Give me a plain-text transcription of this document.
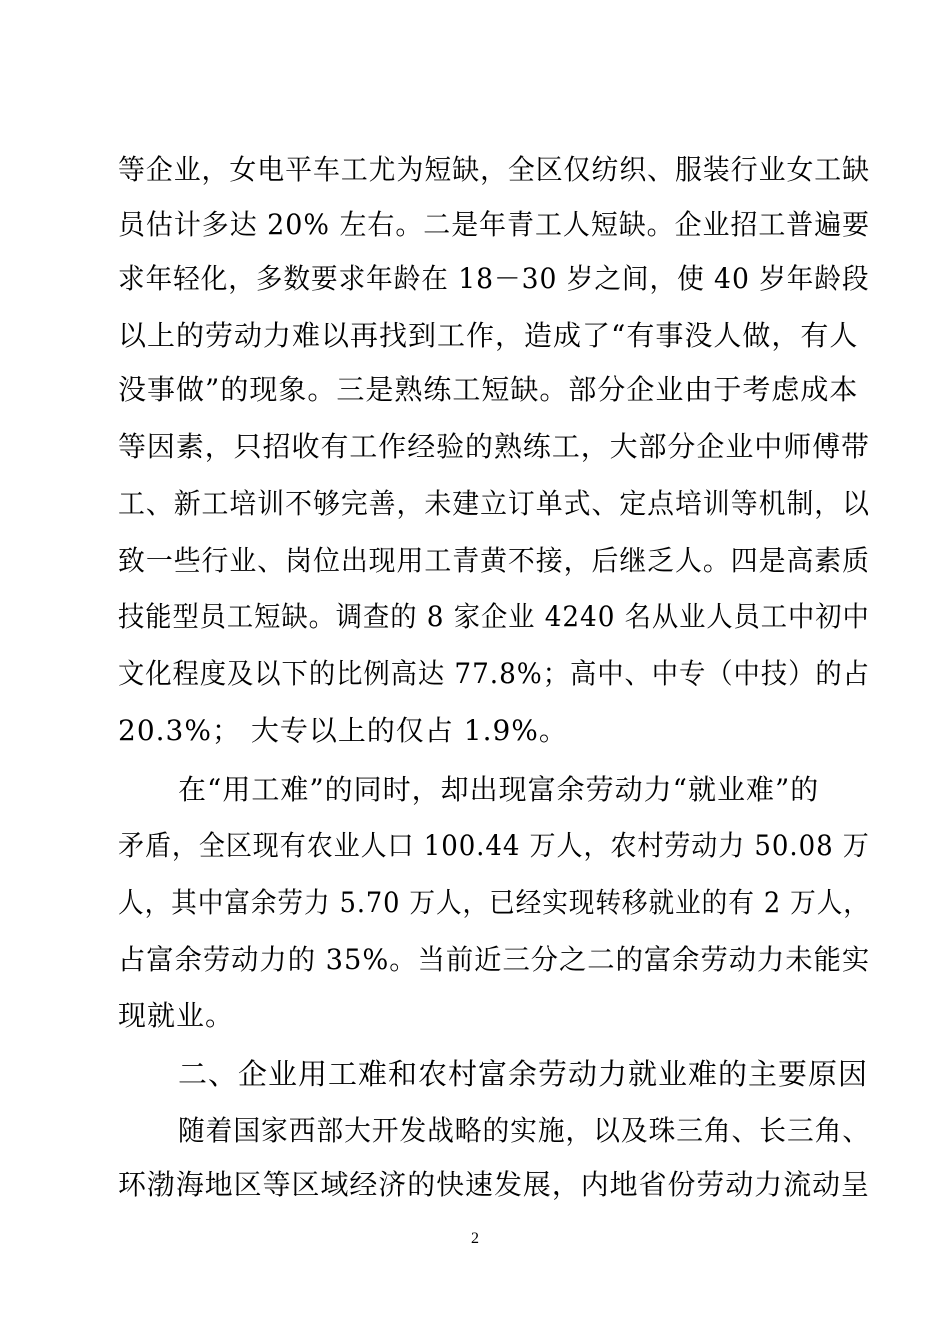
等企业，女电平车工尤为短缺，全区仅纺织、服装行业女工缺
员估计多达 20% 左右。二是年青工人短缺。企业招工普遍要
求年轻化，多数要求年龄在 18－30 岁之间，使 40 岁年龄段
以上的劳动力难以再找到工作，造成了“有事没人做，有人
没事做”的现象。三是熟练工短缺。部分企业由于考虑成本
等因素，只招收有工作经验的熟练工，大部分企业中师傅带
工、新工培训不够完善，未建立订单式、定点培训等机制，以
致一些行业、岗位出现用工青黄不接，后继乏人。四是高素质
技能型员工短缺。调查的 8 家企业 4240 名从业人员工中初中
文化程度及以下的比例高达 77.8%；高中、中专（中技）的占
20.3%； 大专以上的仅占 1.9%。
在“用工难”的同时，却出现富余劳动力“就业难”的
矛盾，全区现有农业人口 100.44 万人，农村劳动力 50.08 万
人，其中富余劳力 5.70 万人，已经实现转移就业的有 2 万人，
占富余劳动力的 35%。当前近三分之二的富余劳动力未能实
现就业。
二、企业用工难和农村富余劳动力就业难的主要原因
随着国家西部大开发战略的实施，以及珠三角、长三角、
环渤海地区等区域经济的快速发展，内地省份劳动力流动呈
2
